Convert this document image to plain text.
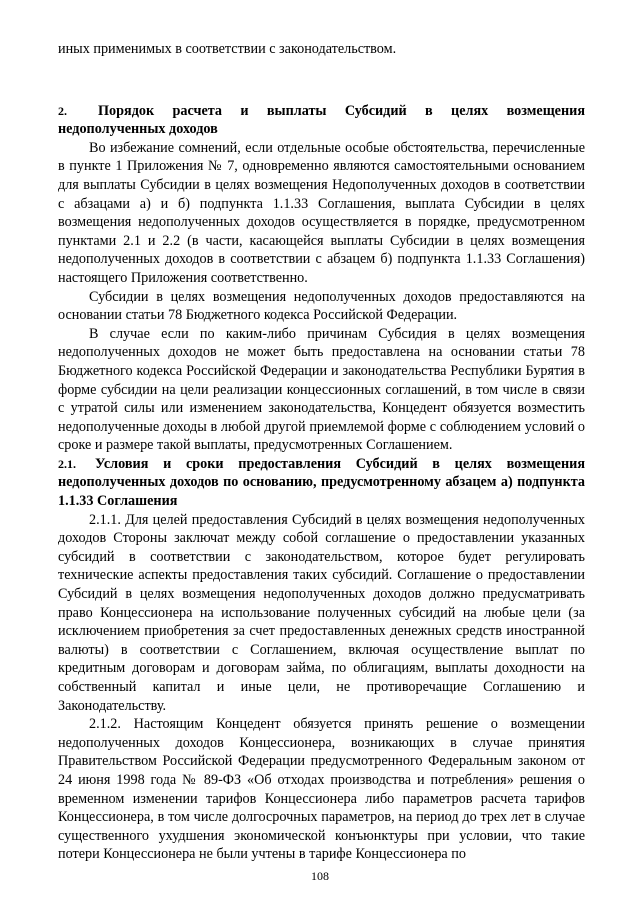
иных применимых в соответствии с законодательством.

2. Порядок расчета и выплаты Субсидий в целях возмещения недополученных доходов

Во избежание сомнений, если отдельные особые обстоятельства, перечисленные в пункте 1 Приложения № 7, одновременно являются самостоятельными основанием для выплаты Субсидии в целях возмещения Недополученных доходов в соответствии с абзацами а) и б) подпункта 1.1.33 Соглашения, выплата Субсидии в целях возмещения недополученных доходов осуществляется в порядке, предусмотренном пунктами 2.1 и 2.2 (в части, касающейся выплаты Субсидии в целях возмещения недополученных доходов в соответствии с абзацем б) подпункта 1.1.33 Соглашения) настоящего Приложения соответственно.

Субсидии в целях возмещения недополученных доходов предоставляются на основании статьи 78 Бюджетного кодекса Российской Федерации.

В случае если по каким-либо причинам Субсидия в целях возмещения недополученных доходов не может быть предоставлена на основании статьи 78 Бюджетного кодекса Российской Федерации и законодательства Республики Бурятия в форме субсидии на цели реализации концессионных соглашений, в том числе в связи с утратой силы или изменением законодательства, Концедент обязуется возместить недополученные доходы в любой другой приемлемой форме с соблюдением условий о сроке и размере такой выплаты, предусмотренных Соглашением.

2.1. Условия и сроки предоставления Субсидий в целях возмещения недополученных доходов по основанию, предусмотренному абзацем а) подпункта 1.1.33 Соглашения

2.1.1. Для целей предоставления Субсидий в целях возмещения недополученных доходов Стороны заключат между собой соглашение о предоставлении указанных субсидий в соответствии с законодательством, которое будет регулировать технические аспекты предоставления таких субсидий. Соглашение о предоставлении Субсидий в целях возмещения недополученных доходов должно предусматривать право Концессионера на использование полученных субсидий на любые цели (за исключением приобретения за счет предоставленных денежных средств иностранной валюты) в соответствии с Соглашением, включая осуществление выплат по кредитным договорам и договорам займа, по облигациям, выплаты доходности на собственный капитал и иные цели, не противоречащие Соглашению и Законодательству.

2.1.2. Настоящим Концедент обязуется принять решение о возмещении недополученных доходов Концессионера, возникающих в случае принятия Правительством Российской Федерации предусмотренного Федеральным законом от 24 июня 1998 года № 89-ФЗ «Об отходах производства и потребления» решения о временном изменении тарифов Концессионера либо параметров расчета тарифов Концессионера, в том числе долгосрочных параметров, на период до трех лет в случае существенного ухудшения экономической конъюнктуры при условии, что такие потери Концессионера не были учтены в тарифе Концессионера по

108
